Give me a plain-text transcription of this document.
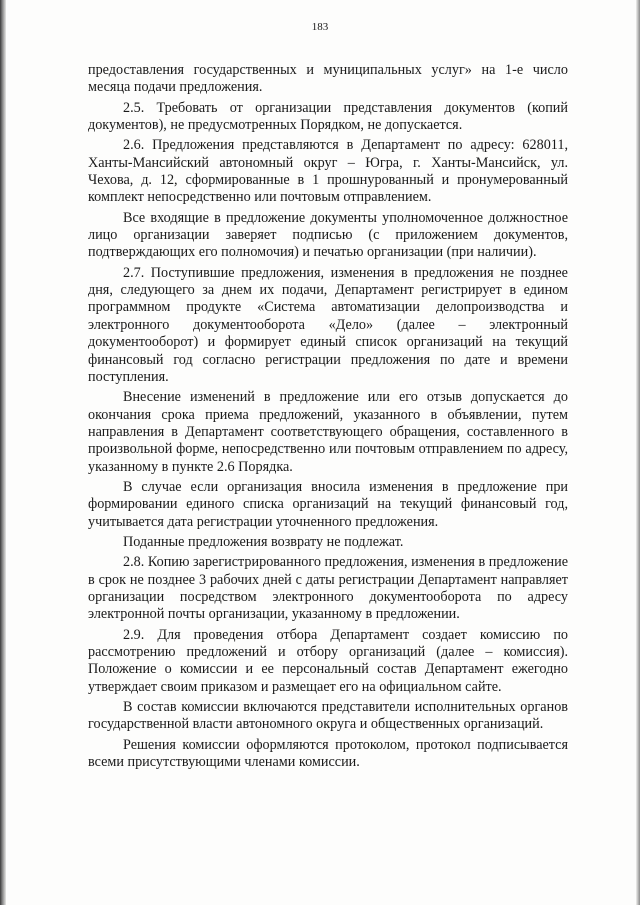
183

предоставления государственных и муниципальных услуг» на 1-е число месяца подачи предложения.

2.5. Требовать от организации представления документов (копий документов), не предусмотренных Порядком, не допускается.

2.6. Предложения представляются в Департамент по адресу: 628011, Ханты-Мансийский автономный округ – Югра, г. Ханты-Мансийск, ул. Чехова, д. 12, сформированные в 1 прошнурованный и пронумерованный комплект непосредственно или почтовым отправлением.

Все входящие в предложение документы уполномоченное должностное лицо организации заверяет подписью (с приложением документов, подтверждающих его полномочия) и печатью организации (при наличии).

2.7. Поступившие предложения, изменения в предложения не позднее дня, следующего за днем их подачи, Департамент регистрирует в едином программном продукте «Система автоматизации делопроизводства и электронного документооборота «Дело» (далее – электронный документооборот) и формирует единый список организаций на текущий финансовый год согласно регистрации предложения по дате и времени поступления.

Внесение изменений в предложение или его отзыв допускается до окончания срока приема предложений, указанного в объявлении, путем направления в Департамент соответствующего обращения, составленного в произвольной форме, непосредственно или почтовым отправлением по адресу, указанному в пункте 2.6 Порядка.

В случае если организация вносила изменения в предложение при формировании единого списка организаций на текущий финансовый год, учитывается дата регистрации уточненного предложения.

Поданные предложения возврату не подлежат.

2.8. Копию зарегистрированного предложения, изменения в предложение в срок не позднее 3 рабочих дней с даты регистрации Департамент направляет организации посредством электронного документооборота по адресу электронной почты организации, указанному в предложении.

2.9. Для проведения отбора Департамент создает комиссию по рассмотрению предложений и отбору организаций (далее – комиссия). Положение о комиссии и ее персональный состав Департамент ежегодно утверждает своим приказом и размещает его на официальном сайте.

В состав комиссии включаются представители исполнительных органов государственной власти автономного округа и общественных организаций.

Решения комиссии оформляются протоколом, протокол подписывается всеми присутствующими членами комиссии.
